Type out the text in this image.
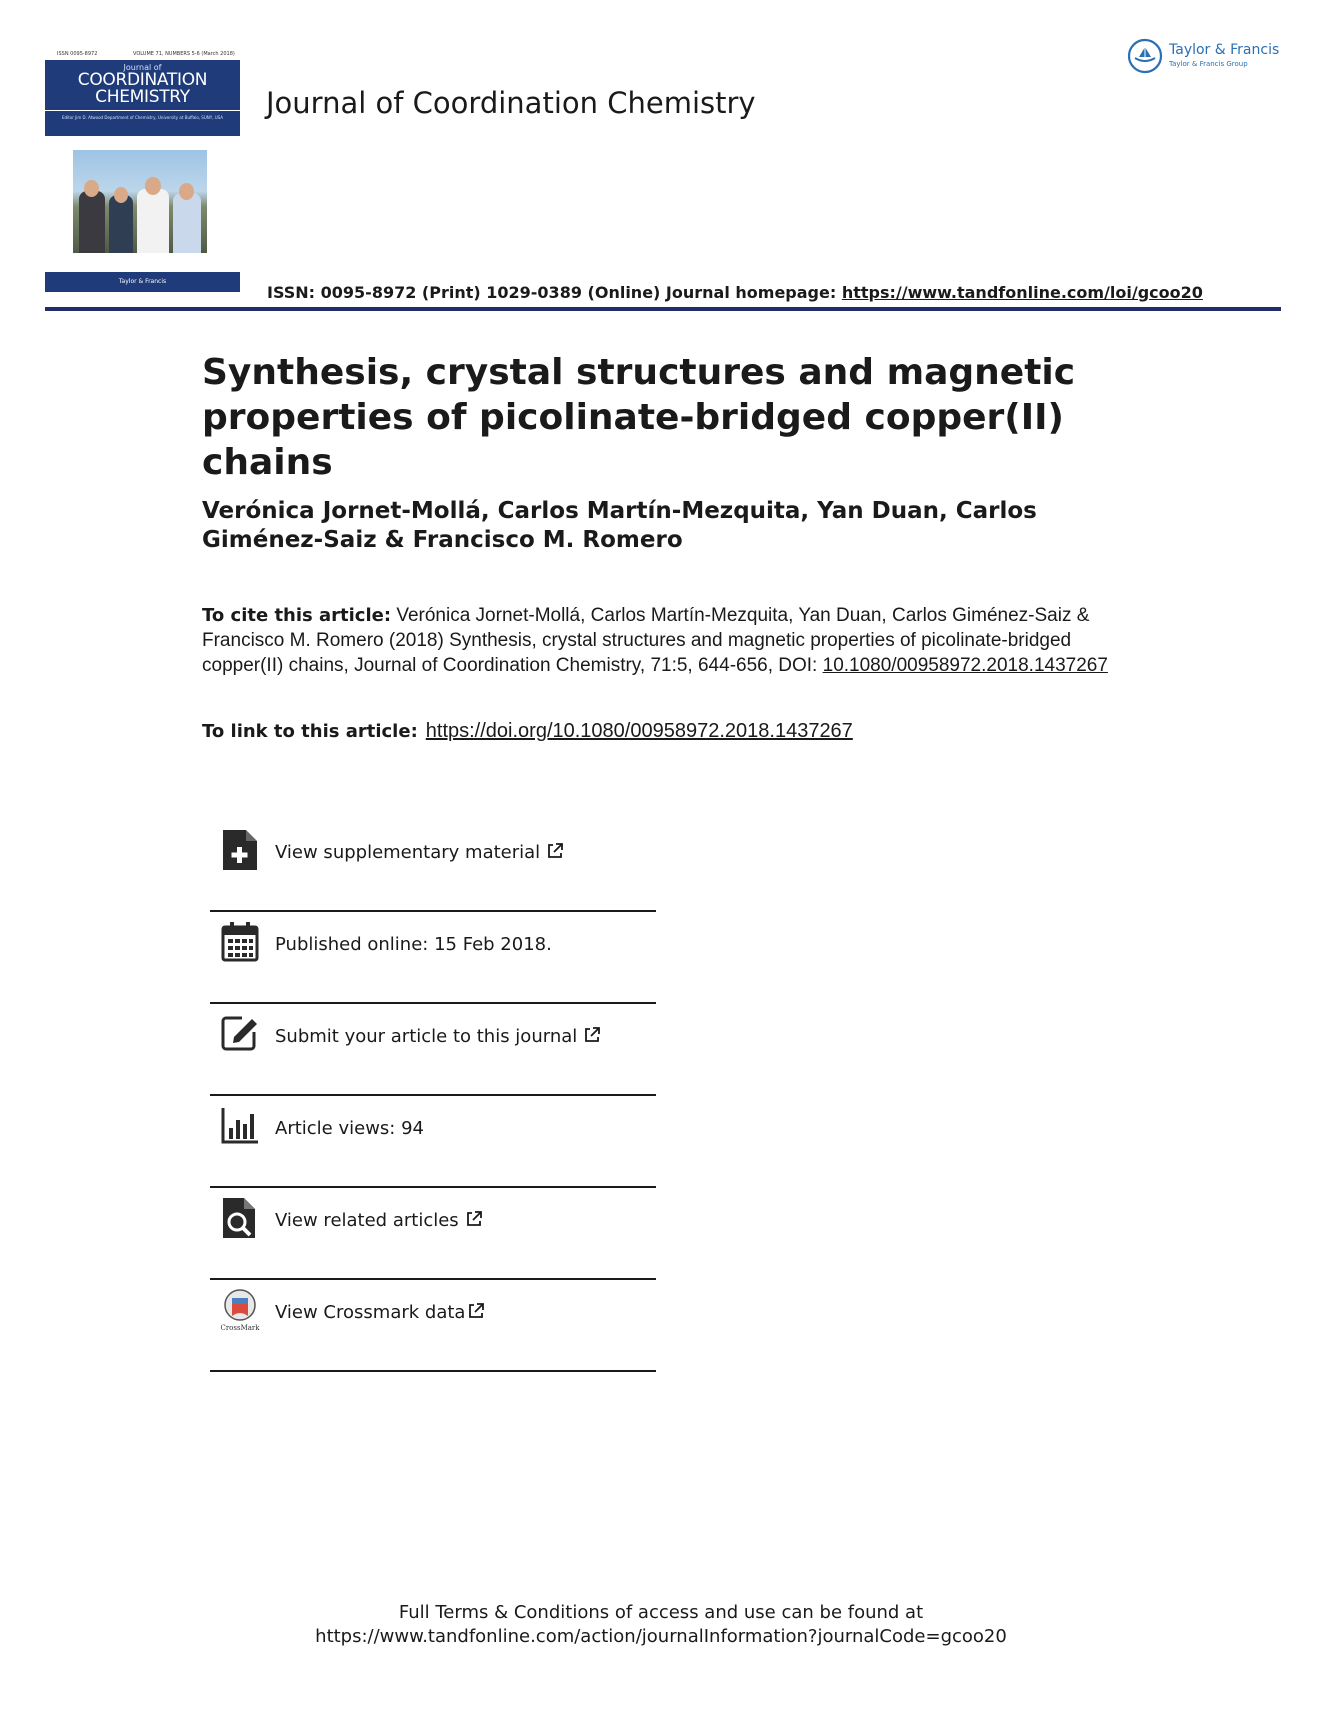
ISSN 0095-8972	VOLUME 71, NUMBERS 5-6 (March 2018)
Journal of
COORDINATION
CHEMISTRY
Editor Jim D. Atwood Department of Chemistry, University at Buffalo, SUNY, USA
Taylor & Francis
Journal of Coordination Chemistry
Taylor & Francis
Taylor & Francis Group
ISSN: 0095-8972 (Print) 1029-0389 (Online) Journal homepage: https://www.tandfonline.com/loi/gcoo20
Synthesis, crystal structures and magnetic properties of picolinate-bridged copper(II) chains
Verónica Jornet-Mollá, Carlos Martín-Mezquita, Yan Duan, Carlos Giménez-Saiz & Francisco M. Romero
To cite this article: Verónica Jornet-Mollá, Carlos Martín-Mezquita, Yan Duan, Carlos Giménez-Saiz & Francisco M. Romero (2018) Synthesis, crystal structures and magnetic properties of picolinate-bridged copper(II) chains, Journal of Coordination Chemistry, 71:5, 644-656, DOI: 10.1080/00958972.2018.1437267
To link to this article: https://doi.org/10.1080/00958972.2018.1437267
View supplementary material
Published online: 15 Feb 2018.
Submit your article to this journal
Article views: 94
View related articles
CrossMark
View Crossmark data
Full Terms & Conditions of access and use can be found at
https://www.tandfonline.com/action/journalInformation?journalCode=gcoo20
